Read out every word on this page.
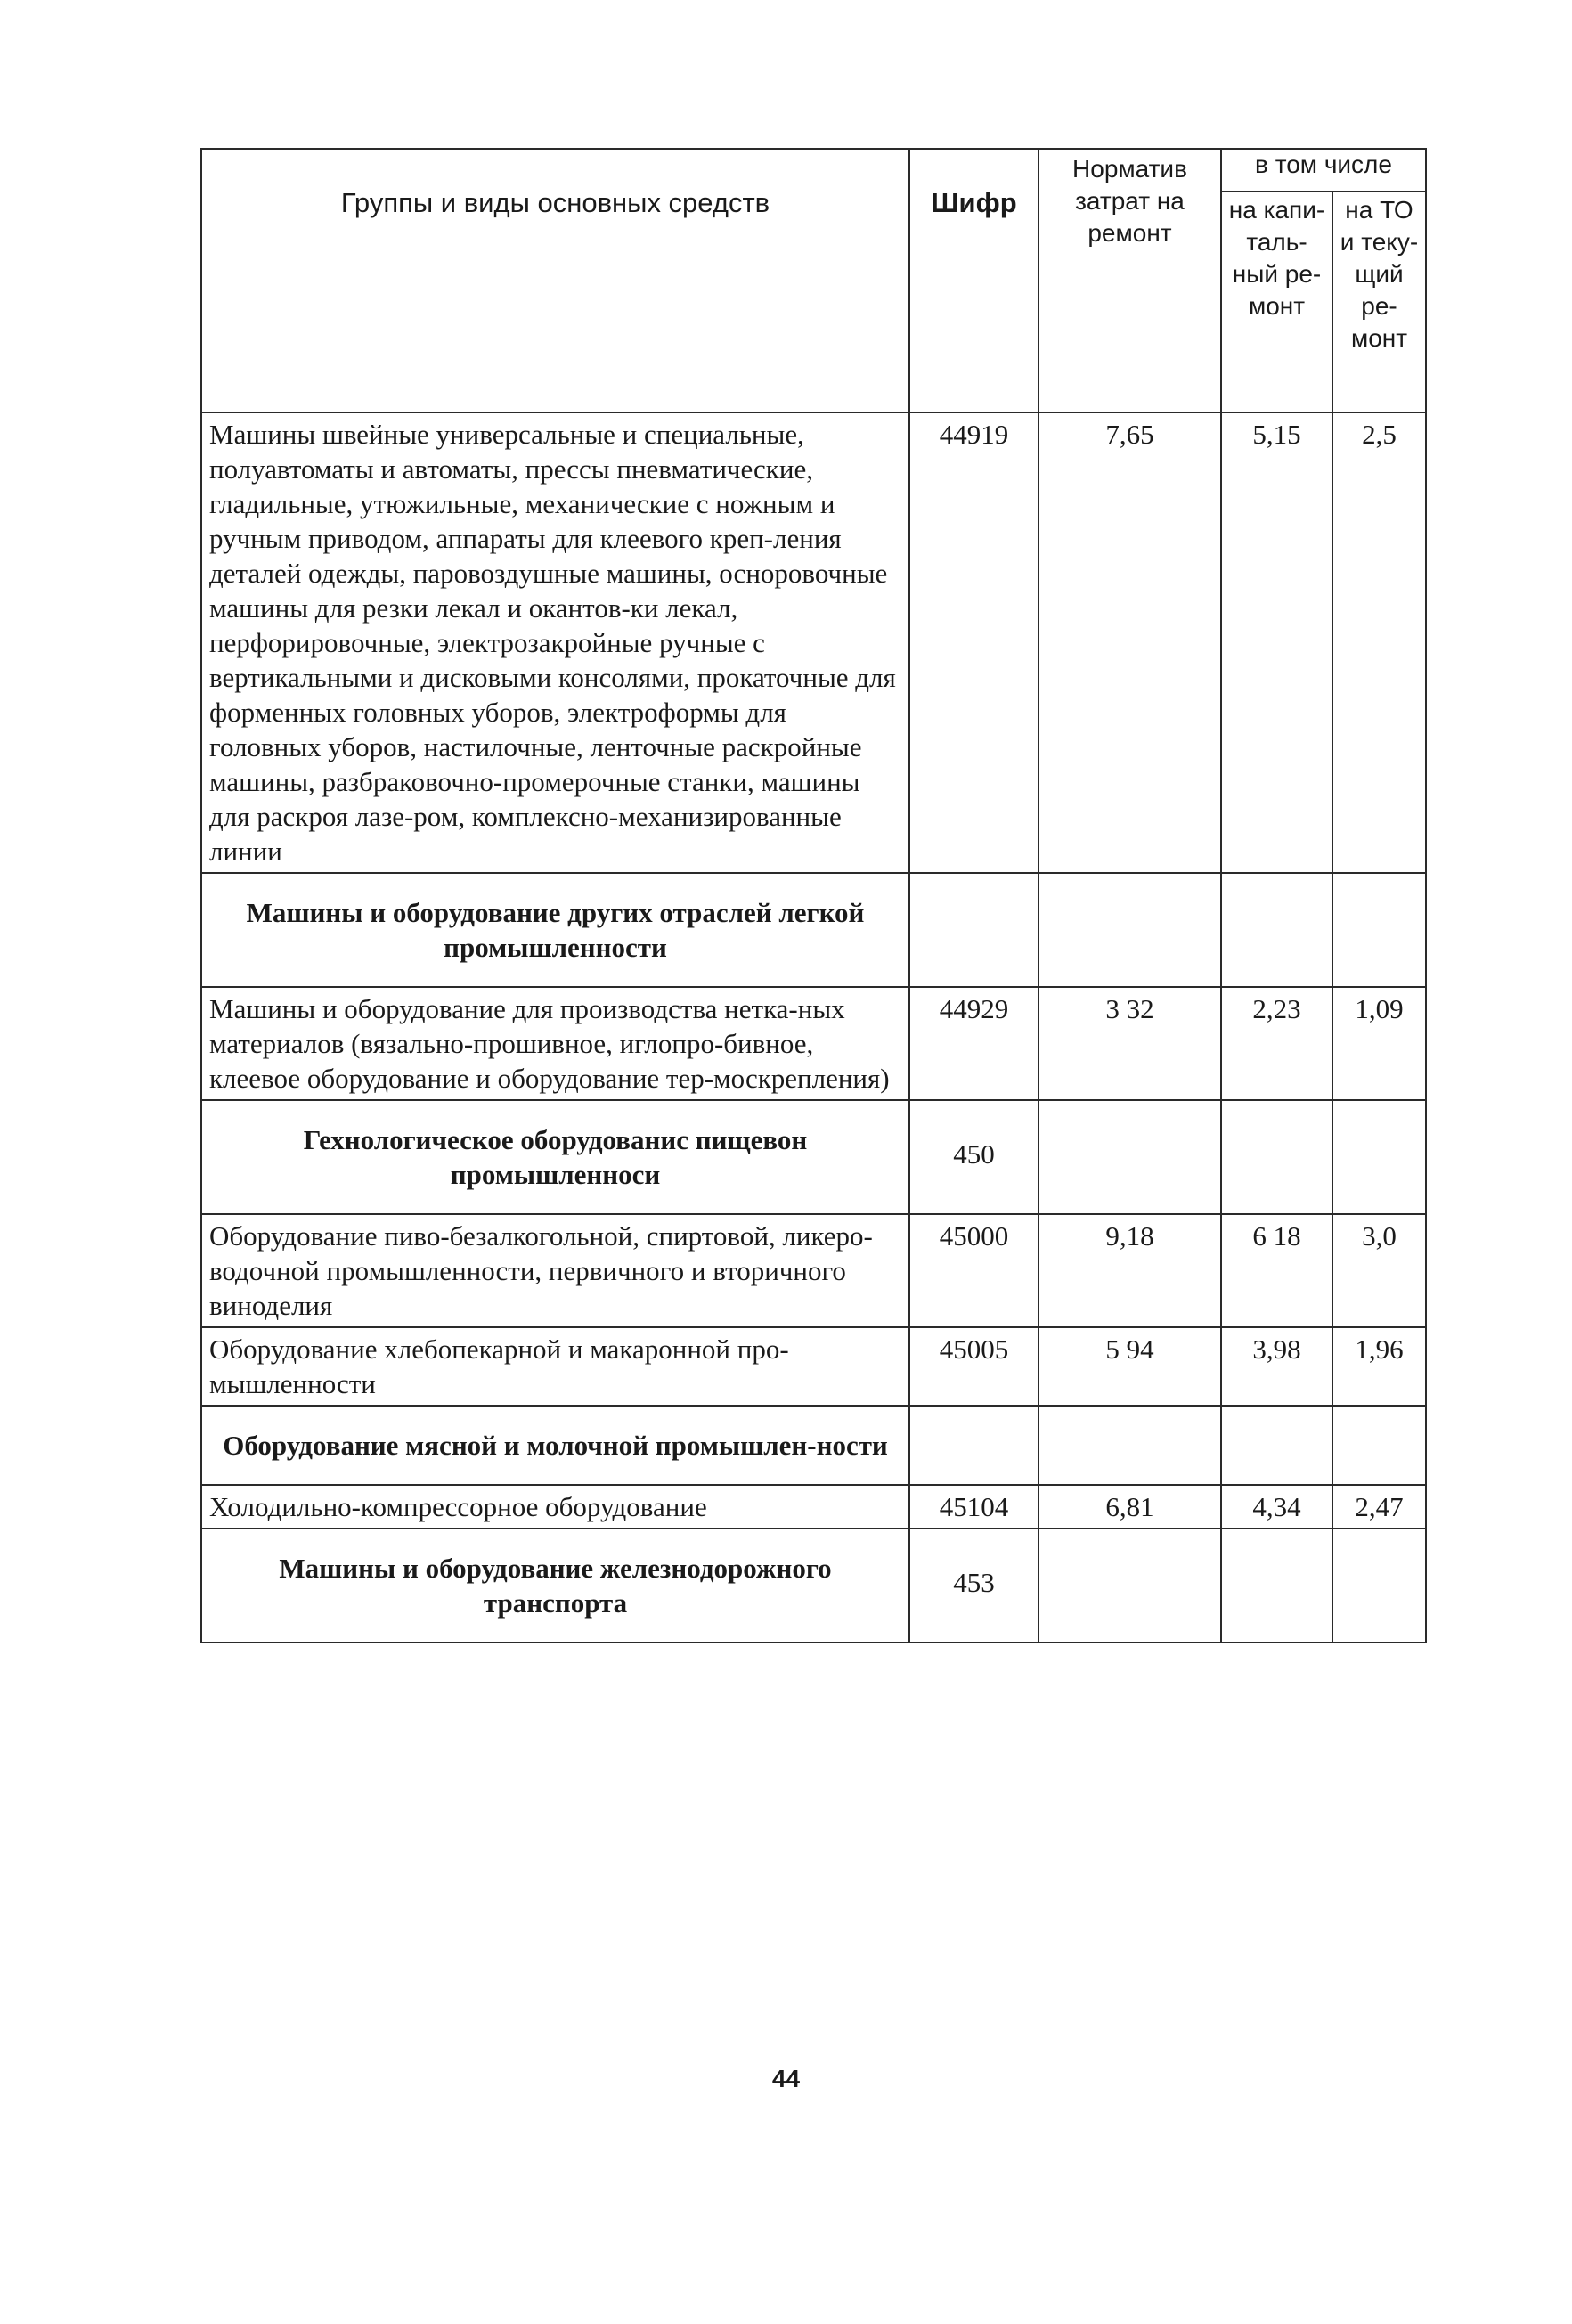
Группы и виды основных средств	Шифр	Норматив затрат на ремонт	в том числе	
			на капи-таль-ный ре-монт	на ТО и теку-щий ре-монт
Машины швейные универсальные и специальные, полуавтоматы и автоматы, прессы пневматические, гладильные, утюжильные, механические с ножным и ручным приводом, аппараты для клеевого креп-ления деталей одежды, паровоздушные машины, осноровочные машины для резки лекал и окантов-ки лекал, перфорировочные, электрозакройные ручные с вертикальными и дисковыми консолями, прокаточные для форменных головных уборов, электроформы для головных уборов, настилочные, ленточные раскройные машины, разбраковочно-промерочные станки, машины для раскроя лазе-ром, комплексно-механизированные линии	44919	7,65	5,15	2,5
Машины и оборудование других отраслей легкой промышленности				
Машины и оборудование для производства нетка-ных материалов (вязально-прошивное, иглопро-бивное, клеевое оборудование и оборудование тер-москрепления)	44929	3 32	2,23	1,09
Гехнологическое оборудованис пищевон промышленноси	450			
Оборудование пиво-безалкогольной, спиртовой, ликеро-водочной промышленности, первичного и вторичного виноделия	45000	9,18	6 18	3,0
Оборудование хлебопекарной и макаронной про-мышленности	45005	5 94	3,98	1,96
Оборудование мясной и молочной промышлен-ности				
Холодильно-компрессорное оборудование	45104	6,81	4,34	2,47
Машины и оборудование железнодорожного транспорта	453			
44
